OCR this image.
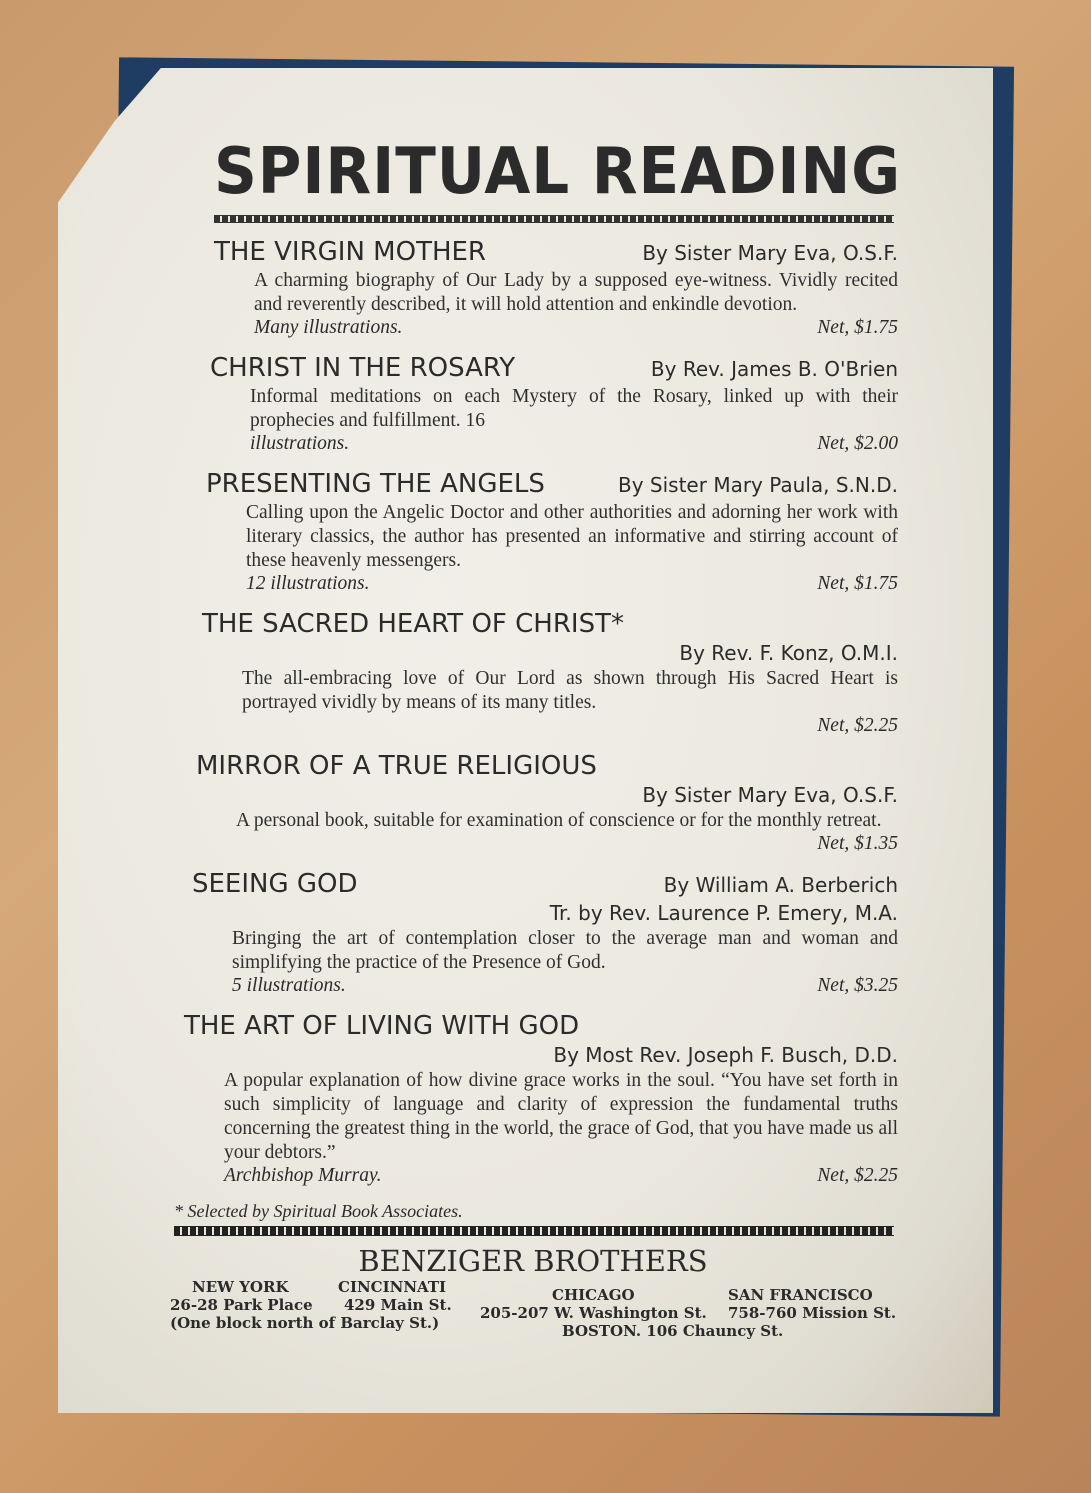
SPIRITUAL READING
THE VIRGIN MOTHER	By Sister Mary Eva, O.S.F.
A charming biography of Our Lady by a supposed eye-witness. Vividly recited and reverently described, it will hold attention and enkindle devotion.
Many illustrations.	Net, $1.75
CHRIST IN THE ROSARY	By Rev. James B. O'Brien
Informal meditations on each Mystery of the Rosary, linked up with their prophecies and fulfillment. 16
illustrations.	Net, $2.00
PRESENTING THE ANGELS	By Sister Mary Paula, S.N.D.
Calling upon the Angelic Doctor and other authorities and adorning her work with literary classics, the author has presented an informative and stirring account of these heavenly messengers.
12 illustrations.	Net, $1.75
THE SACRED HEART OF CHRIST*
By Rev. F. Konz, O.M.I.
The all-embracing love of Our Lord as shown through His Sacred Heart is portrayed vividly by means of its many titles.
Net, $2.25
MIRROR OF A TRUE RELIGIOUS
By Sister Mary Eva, O.S.F.
A personal book, suitable for examination of conscience or for the monthly retreat.
Net, $1.35
SEEING GOD	By William A. Berberich
Tr. by Rev. Laurence P. Emery, M.A.
Bringing the art of contemplation closer to the average man and woman and simplifying the practice of the Presence of God.
5 illustrations.	Net, $3.25
THE ART OF LIVING WITH GOD
By Most Rev. Joseph F. Busch, D.D.
A popular explanation of how divine grace works in the soul. “You have set forth in such simplicity of language and clarity of expression the fundamental truths concerning the greatest thing in the world, the grace of God, that you have made us all your debtors.”
Archbishop Murray.	Net, $2.25
* Selected by Spiritual Book Associates.
BENZIGER BROTHERS
NEW YORK
26-28 Park Place
(One block north of Barclay St.)
CINCINNATI
429 Main St.
CHICAGO
205-207 W. Washington St.
SAN FRANCISCO
758-760 Mission St.
BOSTON. 106 Chauncy St.
